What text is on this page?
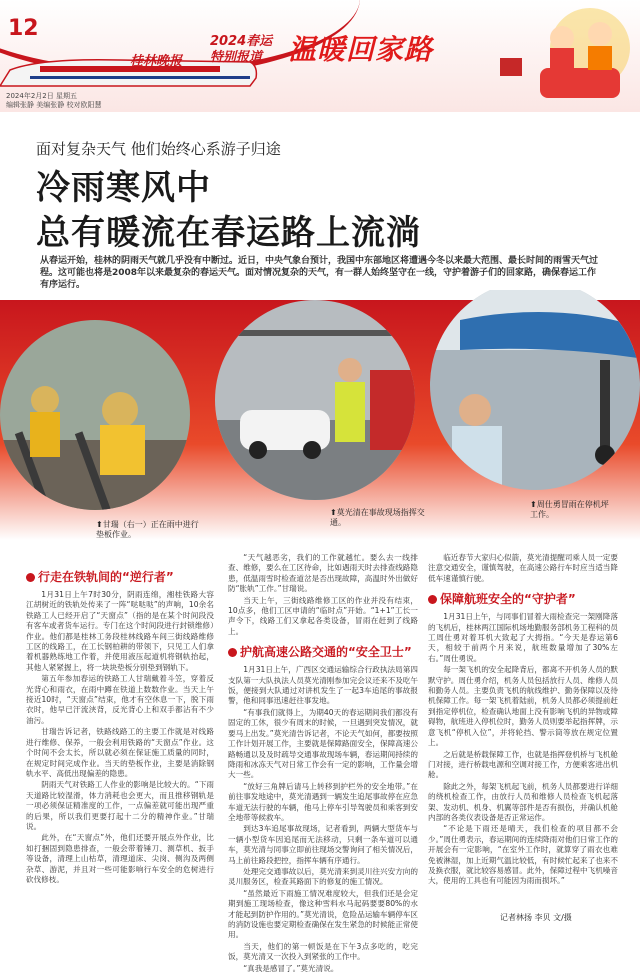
12
桂林晚报
2024年2月2日 星期五
编辑张静 美编张静 校对欧阳慧
2024春运
特别报道 温暖回家路
面对复杂天气 他们始终心系游子归途
冷雨寒风中
总有暖流在春运路上流淌
从春运开始，桂林的阴雨天气就几乎没有中断过。近日，中央气象台预计，我国中东部地区将遭遇今冬以来最大范围、最长时间的雨雪天气过程。这可能也将是2008年以来最复杂的春运天气。面对情况复杂的天气，有一群人始终坚守在一线，守护着游子们的回家路，确保春运工作有序运行。
⬆甘瑞（右一）正在雨中进行垫板作业。
⬆莫光清在事故现场指挥交通。
⬆周仕勇冒雨在停机坪工作。
行走在铁轨间的“逆行者”

1月31日上午7时30分，阴雨连绵，湘桂铁路大容江胡树近的铁轨处传来了一阵“哒哒哒”的声响，10余名铁路工人已经开启了“天窗点”（指的是在某个时间段没有客车或者货车运行。专门在这个时间段进行封锁维修）作业。他们都是桂林工务段桂林线路车间三街线路维修工区的线路工，在工长钢柏耕的带领下，只见工人们拿着机器熟练地工作着，并使用液压起道机将钢轨抬起，其他人紧紧握上，将一块块垫板分别垫到钢轨下。

第五年参加春运的铁路工人甘瑞戴着斗笠，穿着反光背心和雨衣，在雨中蹲在铁道上数数作业。当天上午接近10时，“天窗点”结束，他才有空休息一下，脱下雨衣时，他早已汗流浃背，反光背心上和双手都沾有不少油污。

甘瑞告诉记者，铁路线路工的主要工作就是对线路进行维修、保养，一般会利用铁路的“天窗点”作业。这个时间不会太长，所以就必须在保证施工质量的同时，在规定时间完成作业。当天的垫板作业，主要是消除钢轨水平、高低出现偏差的隐患。

阴雨天气对铁路工人作业的影响是比较大的。“下雨天道路比较湿滑，体力消耗也会更大，而且推移钢轨是一项必须保证精准度的工作，一点偏差就可能出现严重的后果，所以我们更要打起十二分的精神作业。”甘瑞说。

此外，在“天窗点”外，他们还要开展点外作业，比如打捆固到隐患排查，一般会带着锤刀、测草机、扳手等设备，清理上山枯草，清理道床、尖岗、侧沟及两侧杂草、游泥，并且对一些可能影响行车安全的危树进行砍伐修枝。

“天气越恶劣，我们的工作就越忙。要么去一线排查、维修，要么在工区待命，比如遇雨天时去排查线路隐患，低温雨雪时检查道岔是否出现故障，高温时外出做好防“胀轨”工作。”甘瑞说。

当天上午，三街线路维修工区的作业并没有结束，10点多，他们工区申请的“临时点”开始。“1+1”工长一声令下，线路工们又拿起各类设备，冒雨在赶到了线路上。

护航高速公路交通的“安全卫士”

1月31日上午，广西区交通运输综合行政执法局第四支队第一大队执法人员莫光清刚参加完会议还来不及吃午饭，便接到大队通过对讲机发生了一起3车追尾的事故报警，他和同事迅速赶往事发地。

“有事我们就得上，为期40天的春运期间我们都没有固定的工休，很少有周末的时候，一旦遇到突发情况，就要马上出发。”莫光清告诉记者，不论天气如何，都要按照工作计划开展工作，主要就是保障路面安全，保障高速公路畅通以及及时疏导交通事故现场车辆，春运期间持续的降雨和冰冻天气对日常工作会有一定的影响，工作量会增大一些。

“放好三角牌后请马上转移到护栏外的安全地带。”在前往事发地途中，莫光清遇到一辆发生追尾事故停在应急车道无法行驶的车辆，他马上停车引导驾驶员和乘客到安全地带等候救车。

到达3车追尾事故现场，记者看到，两辆大型货车与一辆小型货车因追尾而无法移动，只剩一条车道可以通车，莫光清与同事立即前往现场交警询问了相关情况后，马上前往路段把控，指挥车辆有序通行。

处理完交通事故以后，莫光清来到灵川往兴安方向的灵川服务区，检查其路面下的修复的施工情况。

“虽然最近下雨施工情况难度较大，但我们还是会定期到施工现场检查，像这种雪料水马起码要要80%的水才能起到防护作用的。”莫光清说，危险品运输车辆停车区的消防设施也要定期检查确保在发生紧急的时候能正常使用。

当天，他们的第一顿饭是在下午3点多吃的，吃完饭，莫光清又一次投入到紧张的工作中。

“真我是感冒了。”莫光清说。

临近春节大家归心似箭，莫光清提醒司乘人员一定要注意交通安全，谨慎驾驶，在高速公路行车时应当适当降低车速谨慎行驶。

保障航班安全的“守护者”

1月31日上午，与同事们冒着大雨检查完一架刚降落的飞机后，桂林两江国际机场地勤服务部机务工程科的员工周仕勇对着耳机大致起了大拇指。“今天是春运第6天，相较于前两个月来说，航班数量增加了30%左右。”周仕勇说。

每一架飞机的安全起降背后，都离不开机务人员的默默守护。周仕勇介绍，机务人员包括放行人员、维修人员和勤务人员。主要负责飞机的航线维护、勤务保障以及待机保障工作。每一架飞机着陆前，机务人员都必须提前赶到指定停机位，检查确认地面上没有影响飞机的异物或障碍物，航班进入停机位时，勤务人员则要举起指挥牌，示意飞机“停机入位”，并将轮挡、警示筒等放在规定位置上。

之后就是桥载保障工作，也就是指挥登机桥与飞机舱门对接，进行桥载电源和空调对接工作，方便乘客进出机舱。

除此之外，每架飞机起飞前，机务人员都要进行详细的绕机检查工作，由放行人员和维修人员检查飞机起落架、发动机、机身、机翼等部件是否有损伤，并确认机舱内部的各类仪表设备是否正常运作。

“不论是下雨还是晴天，我们检查的项目都不会少。”周仕勇表示，春运期间的连续降雨对他们日常工作的开展会有一定影响，“在室外工作时，就算穿了雨衣也难免被淋湿，加上近期气温比较低，有时候忙起来了也来不及换衣服，就比较容易感冒。此外，保障过程中飞机噪音大，使用的工具也有可能因为雨而损坏。”

记者林扬 李贝 文/摄
